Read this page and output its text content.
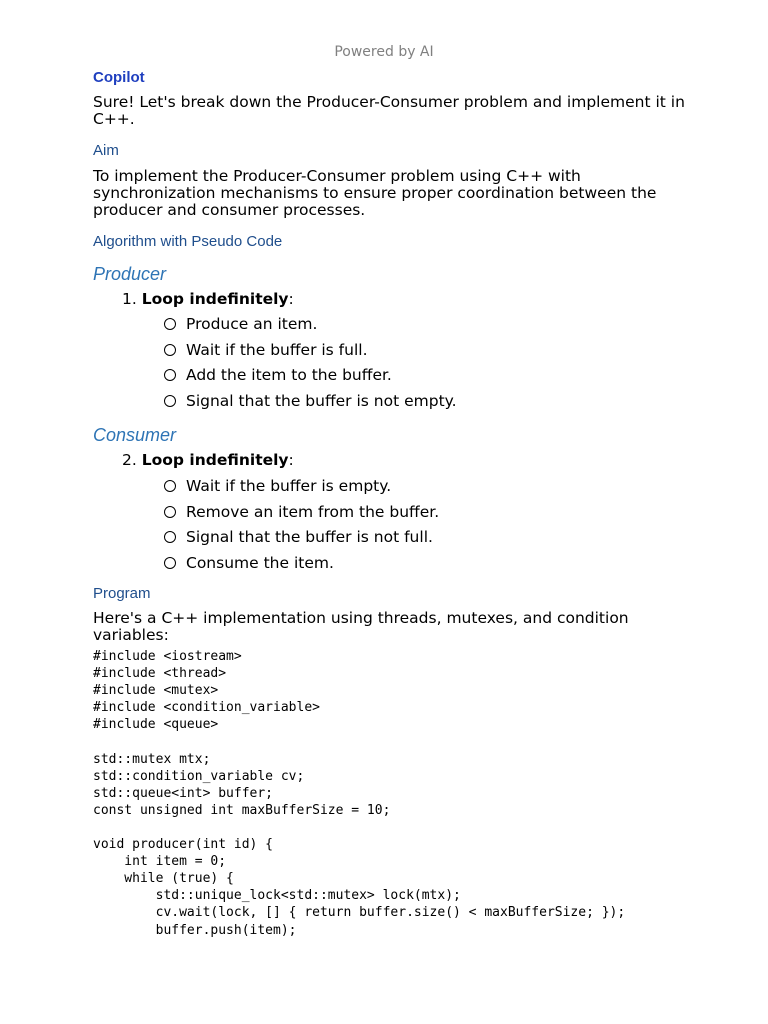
Powered by AI
Copilot

Sure! Let's break down the Producer-Consumer problem and implement it in C++.

Aim

To implement the Producer-Consumer problem using C++ with synchronization mechanisms to ensure proper coordination between the producer and consumer processes.

Algorithm with Pseudo Code
Producer
1. Loop indefinitely:
Produce an item.
Wait if the buffer is full.
Add the item to the buffer.
Signal that the buffer is not empty.
Consumer
2. Loop indefinitely:
Wait if the buffer is empty.
Remove an item from the buffer.
Signal that the buffer is not full.
Consume the item.
Program

Here's a C++ implementation using threads, mutexes, and condition variables:

#include <iostream>
#include <thread>
#include <mutex>
#include <condition_variable>
#include <queue>

std::mutex mtx;
std::condition_variable cv;
std::queue<int> buffer;
const unsigned int maxBufferSize = 10;

void producer(int id) {
int item = 0;
while (true) {
std::unique_lock<std::mutex> lock(mtx);
cv.wait(lock, [] { return buffer.size() < maxBufferSize; });
buffer.push(item);
